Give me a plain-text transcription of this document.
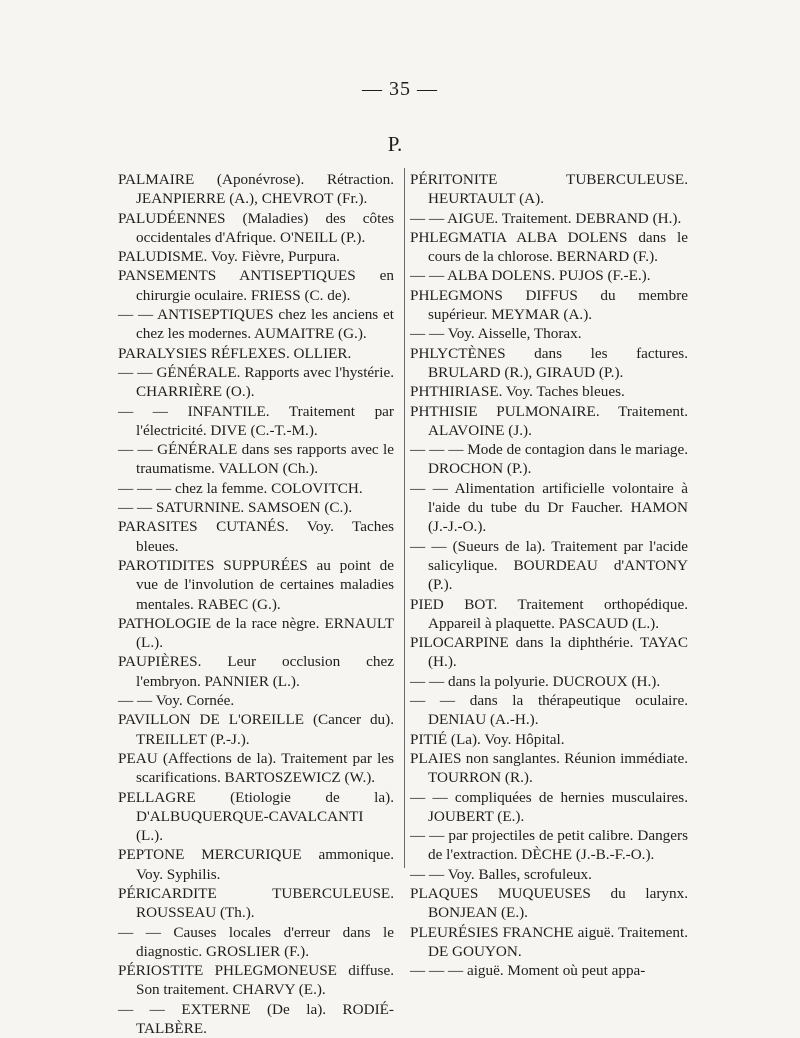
— 35 —
P.
PALMAIRE (Aponévrose). Rétraction. JEANPIERRE (A.), CHEVROT (Fr.).
PALUDÉENNES (Maladies) des côtes occidentales d'Afrique. O'NEILL (P.).
PALUDISME. Voy. Fièvre, Purpura.
PANSEMENTS ANTISEPTIQUES en chirurgie oculaire. FRIESS (C. de).
— — ANTISEPTIQUES chez les anciens et chez les modernes. AUMAITRE (G.).
PARALYSIES RÉFLEXES. OLLIER.
— — GÉNÉRALE. Rapports avec l'hystérie. CHARRIÈRE (O.).
— — INFANTILE. Traitement par l'électricité. DIVE (C.-T.-M.).
— — GÉNÉRALE dans ses rapports avec le traumatisme. VALLON (Ch.).
— — — chez la femme. COLOVITCH.
— — SATURNINE. SAMSOEN (C.).
PARASITES CUTANÉS. Voy. Taches bleues.
PAROTIDITES SUPPURÉES au point de vue de l'involution de certaines maladies mentales. RABEC (G.).
PATHOLOGIE de la race nègre. ERNAULT (L.).
PAUPIÈRES. Leur occlusion chez l'embryon. PANNIER (L.).
— — Voy. Cornée.
PAVILLON DE L'OREILLE (Cancer du). TREILLET (P.-J.).
PEAU (Affections de la). Traitement par les scarifications. BARTOSZEWICZ (W.).
PELLAGRE (Etiologie de la). D'ALBUQUERQUE-CAVALCANTI (L.).
PEPTONE MERCURIQUE ammonique. Voy. Syphilis.
PÉRICARDITE TUBERCULEUSE. ROUSSEAU (Th.).
— — Causes locales d'erreur dans le diagnostic. GROSLIER (F.).
PÉRIOSTITE PHLEGMONEUSE diffuse. Son traitement. CHARVY (E.).
— — EXTERNE (De la). RODIÉ-TALBÈRE.
PÉRITONITE TUBERCULEUSE. HEURTAULT (A).
— — AIGUE. Traitement. DEBRAND (H.).
PHLEGMATIA ALBA DOLENS dans le cours de la chlorose. BERNARD (F.).
— — ALBA DOLENS. PUJOS (F.-E.).
PHLEGMONS DIFFUS du membre supérieur. MEYMAR (A.).
— — Voy. Aisselle, Thorax.
PHLYCTÈNES dans les factures. BRULARD (R.), GIRAUD (P.).
PHTHIRIASE. Voy. Taches bleues.
PHTHISIE PULMONAIRE. Traitement. ALAVOINE (J.).
— — — Mode de contagion dans le mariage. DROCHON (P.).
— — Alimentation artificielle volontaire à l'aide du tube du Dr Faucher. HAMON (J.-J.-O.).
— — (Sueurs de la). Traitement par l'acide salicylique. BOURDEAU d'ANTONY (P.).
PIED BOT. Traitement orthopédique. Appareil à plaquette. PASCAUD (L.).
PILOCARPINE dans la diphthérie. TAYAC (H.).
— — dans la polyurie. DUCROUX (H.).
— — dans la thérapeutique oculaire. DENIAU (A.-H.).
PITIÉ (La). Voy. Hôpital.
PLAIES non sanglantes. Réunion immédiate. TOURRON (R.).
— — compliquées de hernies musculaires. JOUBERT (E.).
— — par projectiles de petit calibre. Dangers de l'extraction. DÈCHE (J.-B.-F.-O.).
— — Voy. Balles, scrofuleux.
PLAQUES MUQUEUSES du larynx. BONJEAN (E.).
PLEURÉSIES FRANCHE aiguë. Traitement. DE GOUYON.
— — — aiguë. Moment où peut appa-
